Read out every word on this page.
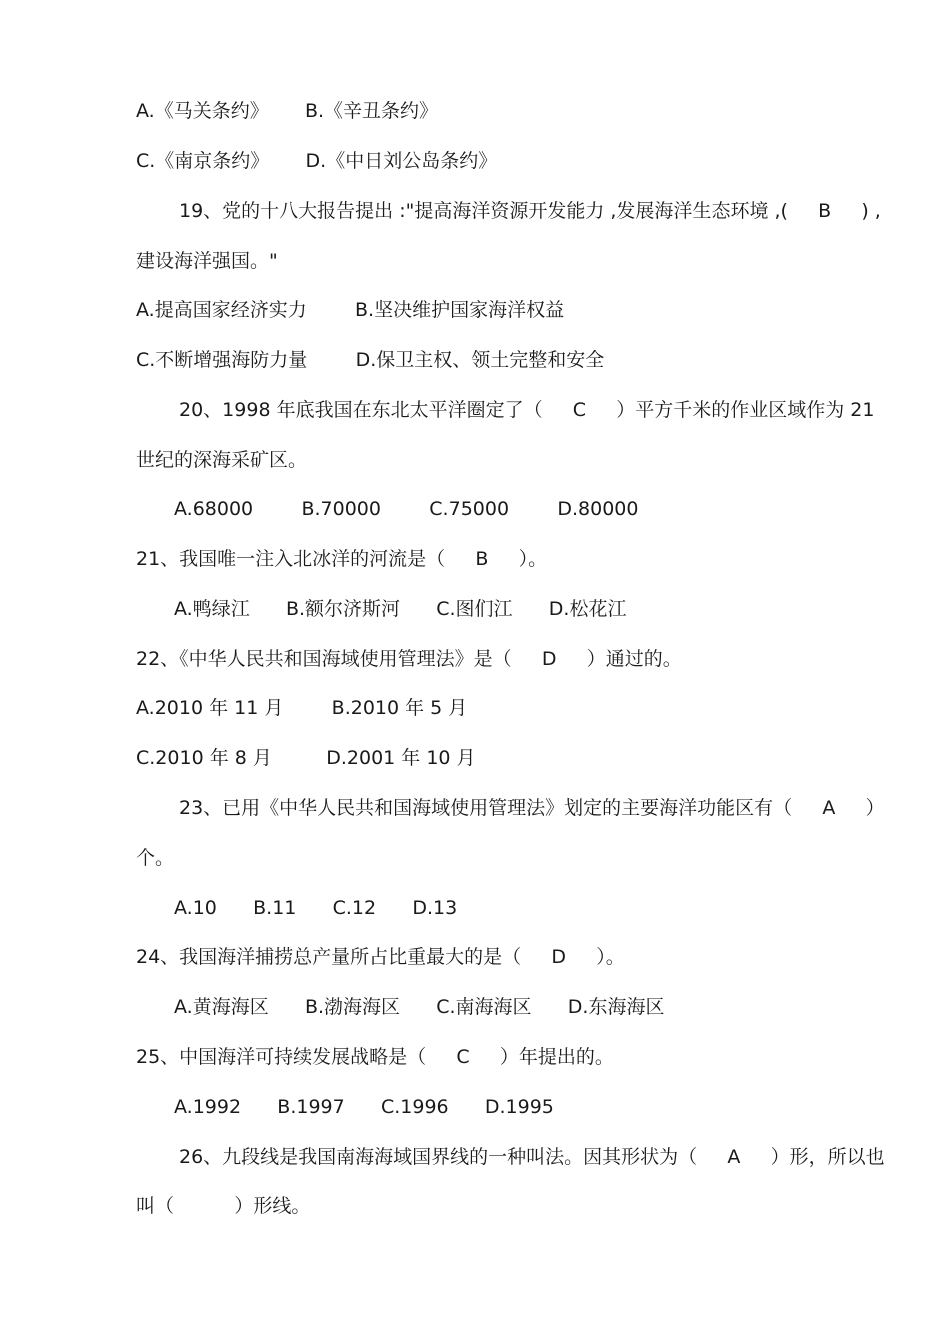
A.《马关条约》      B.《辛丑条约》
C.《南京条约》      D.《中日刘公岛条约》
19、党的十八大报告提出 :"提高海洋资源开发能力 ,发展海洋生态环境 ,(     B     ) ,
建设海洋强国。"
A.提高国家经济实力        B.坚决维护国家海洋权益
C.不断增强海防力量        D.保卫主权、领土完整和安全
20、1998 年底我国在东北太平洋圈定了（     C     ）平方千米的作业区域作为 21
世纪的深海采矿区。
A.68000        B.70000        C.75000        D.80000
21、我国唯一注入北冰洋的河流是（     B     ）。
A.鸭绿江      B.额尔济斯河      C.图们江      D.松花江
22、《中华人民共和国海域使用管理法》是（     D     ）通过的。
A.2010 年 11 月        B.2010 年 5 月
C.2010 年 8 月         D.2001 年 10 月
23、已用《中华人民共和国海域使用管理法》划定的主要海洋功能区有（     A     ）
个。
A.10      B.11      C.12      D.13
24、我国海洋捕捞总产量所占比重最大的是（     D     ）。
A.黄海海区      B.渤海海区      C.南海海区      D.东海海区
25、中国海洋可持续发展战略是（     C     ）年提出的。
A.1992      B.1997      C.1996      D.1995
26、九段线是我国南海海域国界线的一种叫法。因其形状为（     A     ）形，所以也
叫（          ）形线。
